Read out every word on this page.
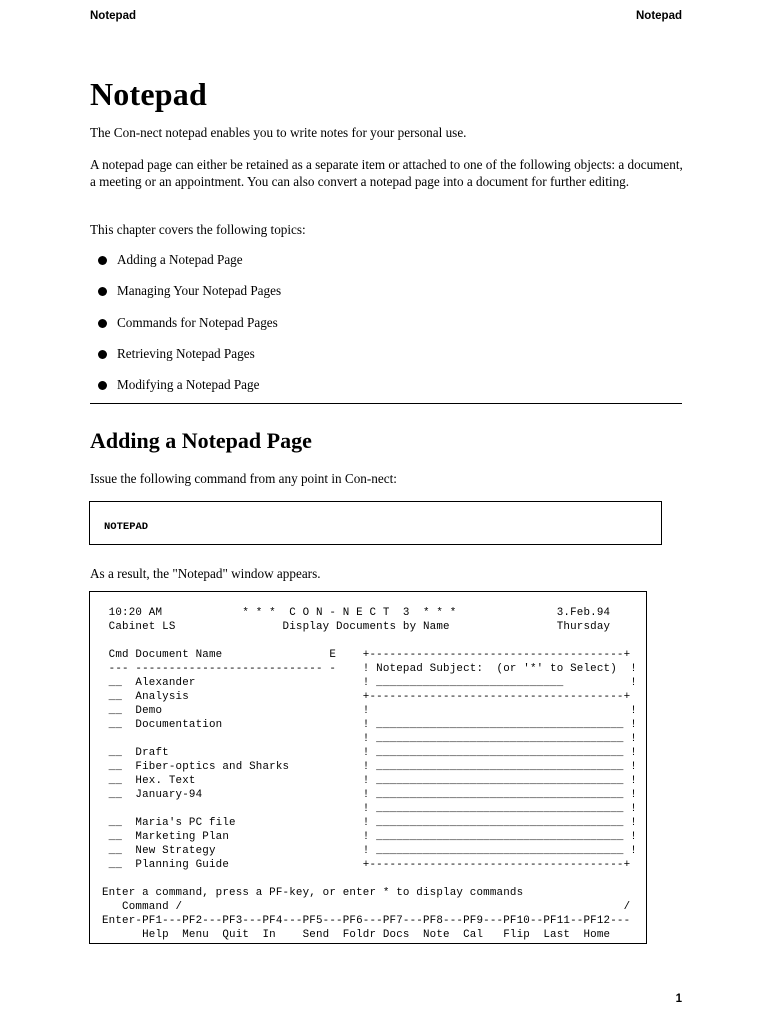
Notepad	Notepad
Notepad

The Con-nect notepad enables you to write notes for your personal use.

A notepad page can either be retained as a separate item or attached to one of the following objects: a document, a meeting or an appointment. You can also convert a notepad page into a document for further editing.

This chapter covers the following topics:

Adding a Notepad Page
Managing Your Notepad Pages
Commands for Notepad Pages
Retrieving Notepad Pages
Modifying a Notepad Page
Adding a Notepad Page

Issue the following command from any point in Con-nect:

NOTEPAD

As a result, the "Notepad" window appears.

10:20 AM            * * *  C O N - N E C T  3  * * *               3.Feb.94
Cabinet LS                Display Documents by Name                Thursday

Cmd Document Name                E    +--------------------------------------+
--- ---------------------------- -    ! Notepad Subject:  (or '*' to Select)  !
__  Alexander                         ! ____________________________          !
__  Analysis                          +--------------------------------------+
__  Demo                              !                                       !
__  Documentation                     ! _____________________________________ !
! _____________________________________ !
__  Draft                             ! _____________________________________ !
__  Fiber-optics and Sharks           ! _____________________________________ !
__  Hex. Text                         ! _____________________________________ !
__  January-94                        ! _____________________________________ !
! _____________________________________ !
__  Maria's PC file                   ! _____________________________________ !
__  Marketing Plan                    ! _____________________________________ !
__  New Strategy                      ! _____________________________________ !
__  Planning Guide                    +--------------------------------------+

Enter a command, press a PF-key, or enter * to display commands
Command /                                                                  /
Enter-PF1---PF2---PF3---PF4---PF5---PF6---PF7---PF8---PF9---PF10--PF11--PF12---
Help  Menu  Quit  In    Send  Foldr Docs  Note  Cal   Flip  Last  Home
1
